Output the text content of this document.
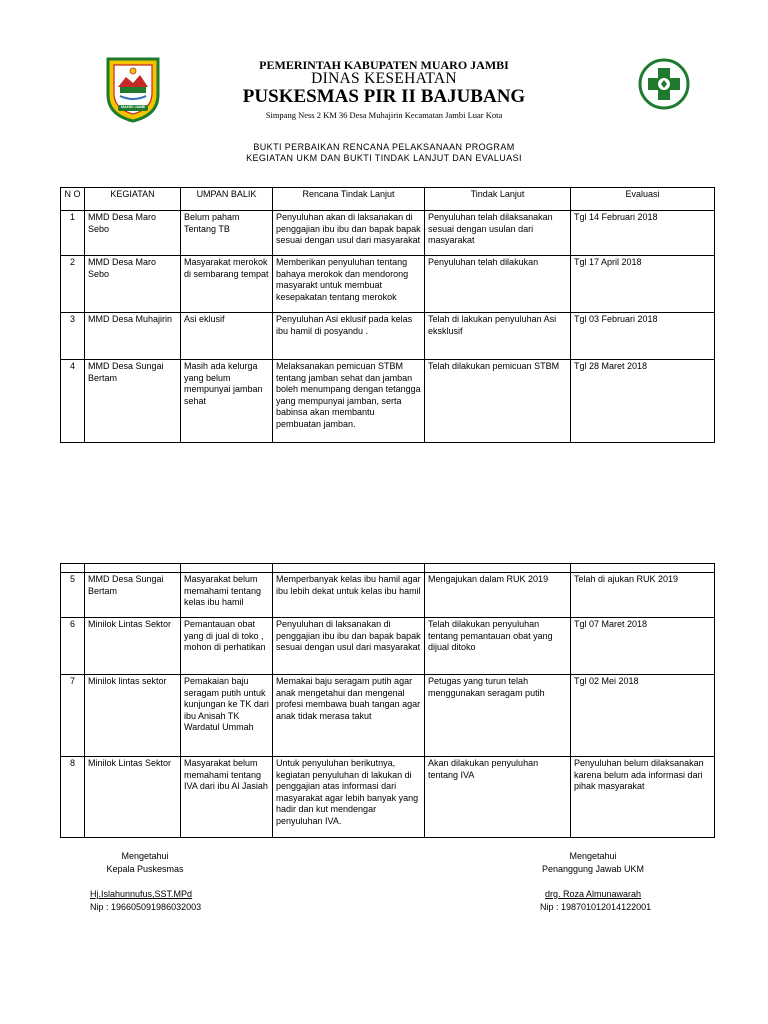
MUARO JAMBI
PEMERINTAH KABUPATEN MUARO JAMBI
DINAS KESEHATAN
PUSKESMAS PIR II BAJUBANG
Simpang Ness 2 KM 36 Desa Muhajirin Kecamatan Jambi Luar Kota
BUKTI PERBAIKAN RENCANA PELAKSANAAN PROGRAM
KEGIATAN UKM DAN BUKTI TINDAK LANJUT DAN EVALUASI
N O	KEGIATAN	UMPAN BALIK	Rencana Tindak Lanjut	Tindak Lanjut	Evaluasi
1	MMD Desa Maro Sebo	Belum paham Tentang TB	Penyuluhan akan di laksanakan di penggajian ibu ibu dan bapak bapak sesuai dengan usul dari masyarakat	Penyuluhan telah dilaksanakan sesuai dengan usulan dari masyarakat	Tgl 14 Februari 2018
2	MMD Desa Maro Sebo	Masyarakat merokok di sembarang tempat	Memberikan penyuluhan tentang bahaya merokok dan mendorong masyarakt untuk membuat kesepakatan tentang merokok	Penyuluhan telah dilakukan	Tgl 17 April 2018
3	MMD Desa Muhajirin	Asi eklusif	Penyuluhan Asi eklusif pada kelas ibu hamil di posyandu .	Telah di lakukan penyuluhan Asi eksklusif	Tgl 03 Februari 2018
4	MMD Desa Sungai Bertam	Masih ada kelurga yang belum mempunyai jamban sehat	Melaksanakan pemicuan STBM tentang jamban sehat dan jamban boleh menumpang dengan tetangga yang mempunyai jamban, serta babinsa akan membantu pembuatan jamban.	Telah dilakukan pemicuan STBM	Tgl 28 Maret 2018

5	MMD Desa Sungai Bertam	Masyarakat belum memahami tentang kelas ibu hamil	Memperbanyak kelas ibu hamil agar ibu lebih dekat untuk kelas ibu hamil	Mengajukan dalam RUK 2019	Telah di ajukan RUK 2019
6	Minilok Lintas Sektor	Pemantauan obat yang di jual di toko , mohon di perhatikan	Penyuluhan di laksanakan di penggajian ibu ibu dan bapak bapak sesuai dengan usul dari masyarakat	Telah dilakukan penyuluhan tentang pemantauan obat yang dijual ditoko	Tgl 07 Maret 2018
7	Minilok lintas sektor	Pemakaian baju seragam putih untuk kunjungan ke TK dari ibu Anisah TK Wardatul Ummah	Memakai baju seragam putih agar anak mengetahui dan mengenal profesi membawa buah tangan agar anak tidak merasa takut	Petugas yang turun telah menggunakan seragam putih	Tgl 02 Mei 2018
8	Minilok Lintas Sektor	Masyarakat belum memahami tentang IVA dari ibu Al Jasiah	Untuk penyuluhan berikutnya, kegiatan penyuluhan di lakukan di penggajian atas informasi dari masyarakat agar lebih banyak yang hadir dan kut mendengar penyuluhan IVA.	Akan dilakukan penyuluhan tentang IVA	Penyuluhan belum dilaksanakan karena belum ada informasi dari pihak masyarakat
Mengetahui
Kepala Puskesmas
Hj.Islahunnufus,SST.MPd
Nip : 196605091986032003
Mengetahui
Penanggung Jawab UKM
drg. Roza Almunawarah
Nip : 198701012014122001
